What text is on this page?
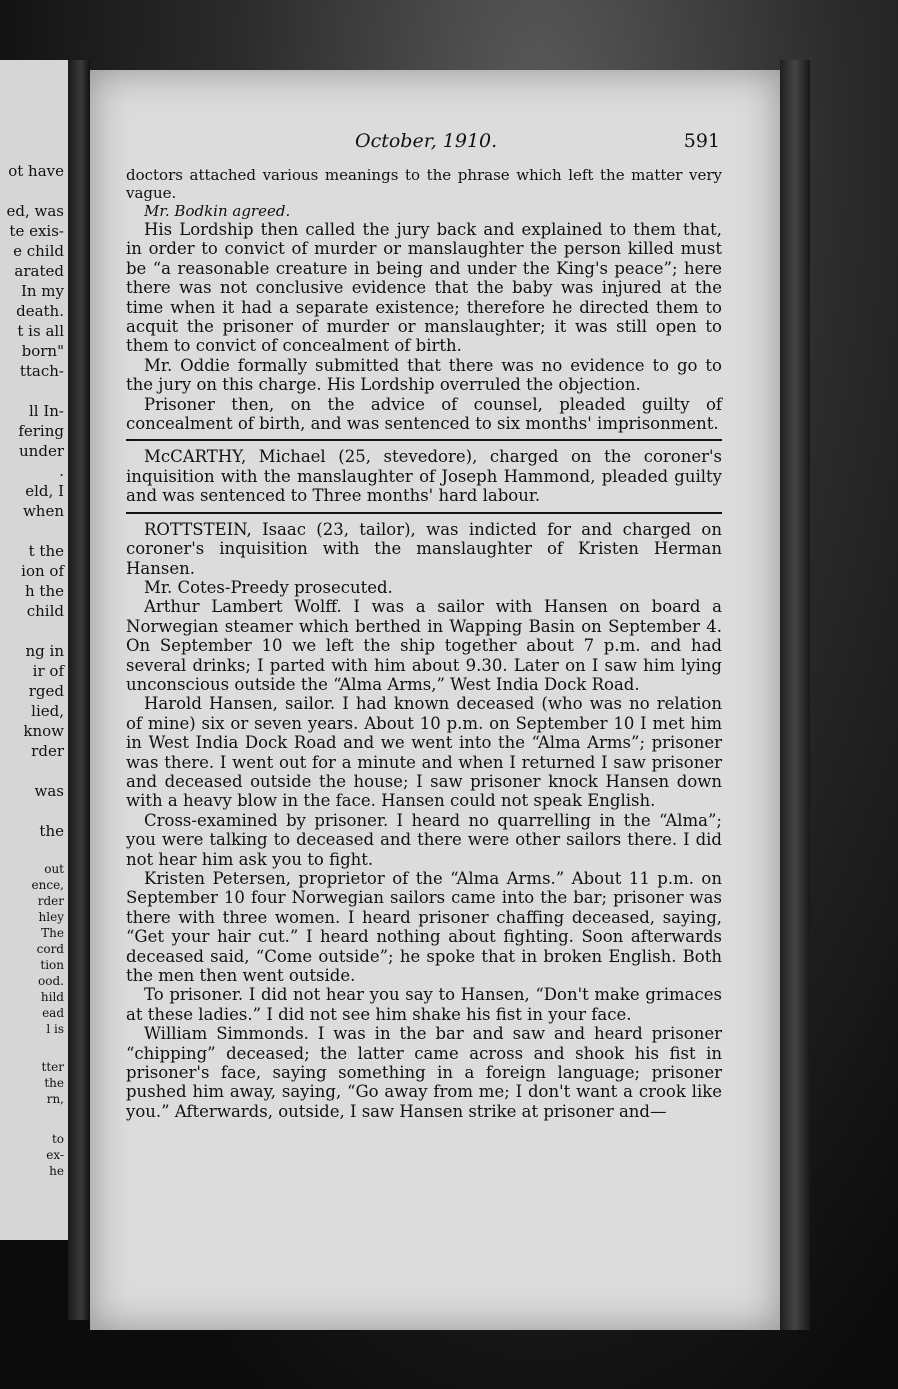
ot have
ed, was
te exis-
e child
arated
In my
death.
t is all
born"
ttach-
ll In-
fering
under
.
eld, I
when
t the
ion of
h the
child
ng in
ir of
rged
lied,
know
rder
was
the
out
ence,
rder
hley
The
cord
tion
ood.
hild
ead
l is
tter
the
rn,
to
ex-
he
October, 1910.	591

doctors attached various meanings to the phrase which left the matter very vague.

Mr. Bodkin agreed.

His Lordship then called the jury back and explained to them that, in order to convict of murder or manslaughter the person killed must be “a reasonable creature in being and under the King's peace”; here there was not conclusive evidence that the baby was injured at the time when it had a separate existence; therefore he directed them to acquit the prisoner of murder or manslaughter; it was still open to them to convict of concealment of birth.

Mr. Oddie formally submitted that there was no evidence to go to the jury on this charge. His Lordship overruled the objection.

Prisoner then, on the advice of counsel, pleaded guilty of concealment of birth, and was sentenced to six months' imprisonment.

McCARTHY, Michael (25, stevedore), charged on the coroner's inquisition with the manslaughter of Joseph Hammond, pleaded guilty and was sentenced to Three months' hard labour.

ROTTSTEIN, Isaac (23, tailor), was indicted for and charged on coroner's inquisition with the manslaughter of Kristen Herman Hansen.

Mr. Cotes-Preedy prosecuted.

Arthur Lambert Wolff. I was a sailor with Hansen on board a Norwegian steamer which berthed in Wapping Basin on September 4. On September 10 we left the ship together about 7 p.m. and had several drinks; I parted with him about 9.30. Later on I saw him lying unconscious outside the “Alma Arms,” West India Dock Road.

Harold Hansen, sailor. I had known deceased (who was no relation of mine) six or seven years. About 10 p.m. on September 10 I met him in West India Dock Road and we went into the “Alma Arms”; prisoner was there. I went out for a minute and when I returned I saw prisoner and deceased outside the house; I saw prisoner knock Hansen down with a heavy blow in the face. Hansen could not speak English.

Cross-examined by prisoner. I heard no quarrelling in the “Alma”; you were talking to deceased and there were other sailors there. I did not hear him ask you to fight.

Kristen Petersen, proprietor of the “Alma Arms.” About 11 p.m. on September 10 four Norwegian sailors came into the bar; prisoner was there with three women. I heard prisoner chaffing deceased, saying, “Get your hair cut.” I heard nothing about fighting. Soon afterwards deceased said, “Come outside”; he spoke that in broken English. Both the men then went outside.

To prisoner. I did not hear you say to Hansen, “Don't make grimaces at these ladies.” I did not see him shake his fist in your face.

William Simmonds. I was in the bar and saw and heard prisoner “chipping” deceased; the latter came across and shook his fist in prisoner's face, saying something in a foreign language; prisoner pushed him away, saying, “Go away from me; I don't want a crook like you.” Afterwards, outside, I saw Hansen strike at prisoner and—
